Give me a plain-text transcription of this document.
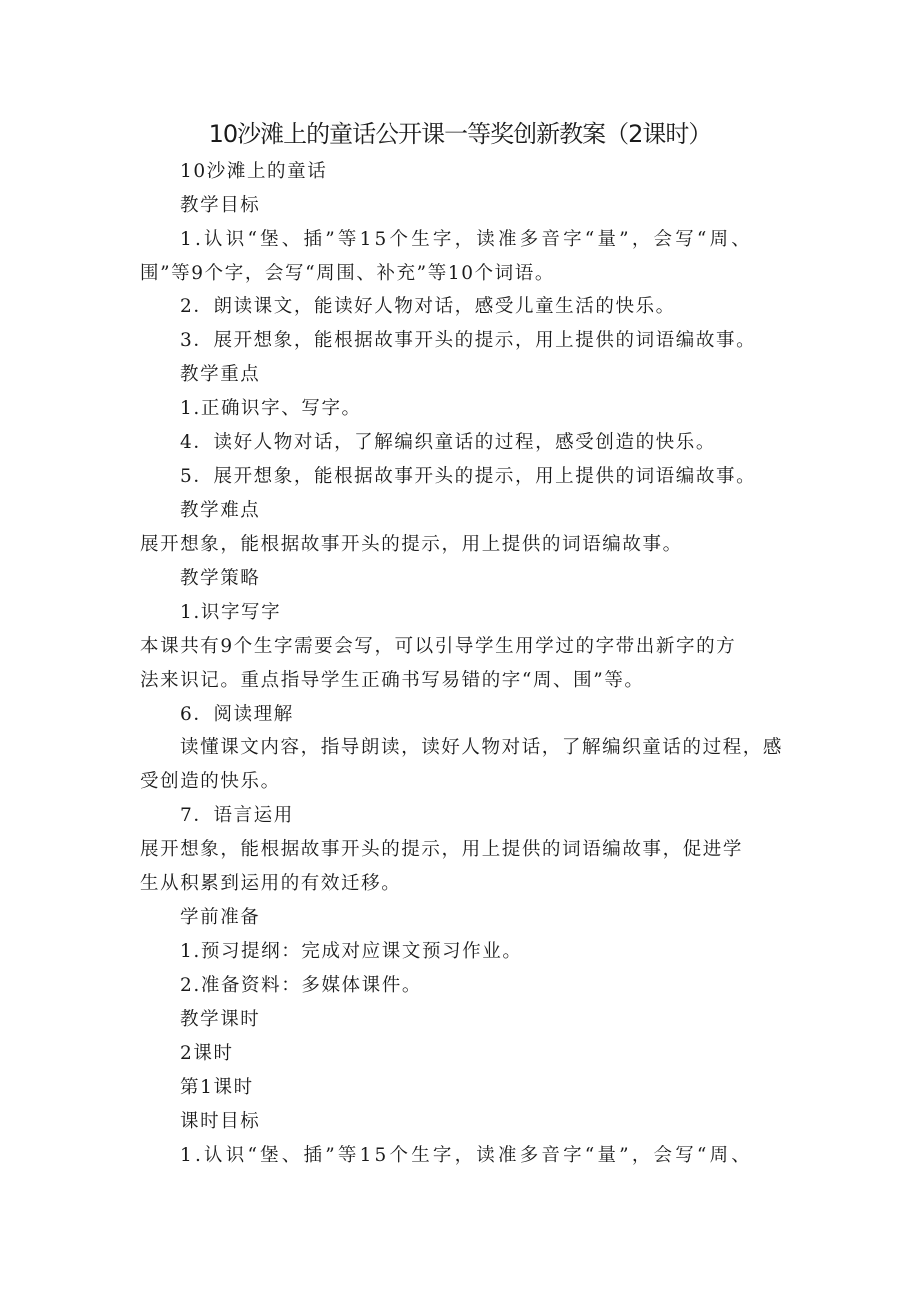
10沙滩上的童话公开课一等奖创新教案（2课时）

10沙滩上的童话

教学目标

1.认识“堡、插”等15个生字，读准多音字“量”，会写“周、

围”等9个字，会写“周围、补充”等10个词语。

2．朗读课文，能读好人物对话，感受儿童生活的快乐。

3．展开想象，能根据故事开头的提示，用上提供的词语编故事。

教学重点

1.正确识字、写字。

4．读好人物对话，了解编织童话的过程，感受创造的快乐。

5．展开想象，能根据故事开头的提示，用上提供的词语编故事。

教学难点

展开想象，能根据故事开头的提示，用上提供的词语编故事。

教学策略

1.识字写字

本课共有9个生字需要会写，可以引导学生用学过的字带出新字的方

法来识记。重点指导学生正确书写易错的字“周、围”等。

6．阅读理解

读懂课文内容，指导朗读，读好人物对话，了解编织童话的过程，感

受创造的快乐。

7．语言运用

展开想象，能根据故事开头的提示，用上提供的词语编故事，促进学

生从积累到运用的有效迁移。

学前准备

1.预习提纲：完成对应课文预习作业。

2.准备资料：多媒体课件。

教学课时

2课时

第1课时

课时目标

1.认识“堡、插”等15个生字，读准多音字“量”，会写“周、
